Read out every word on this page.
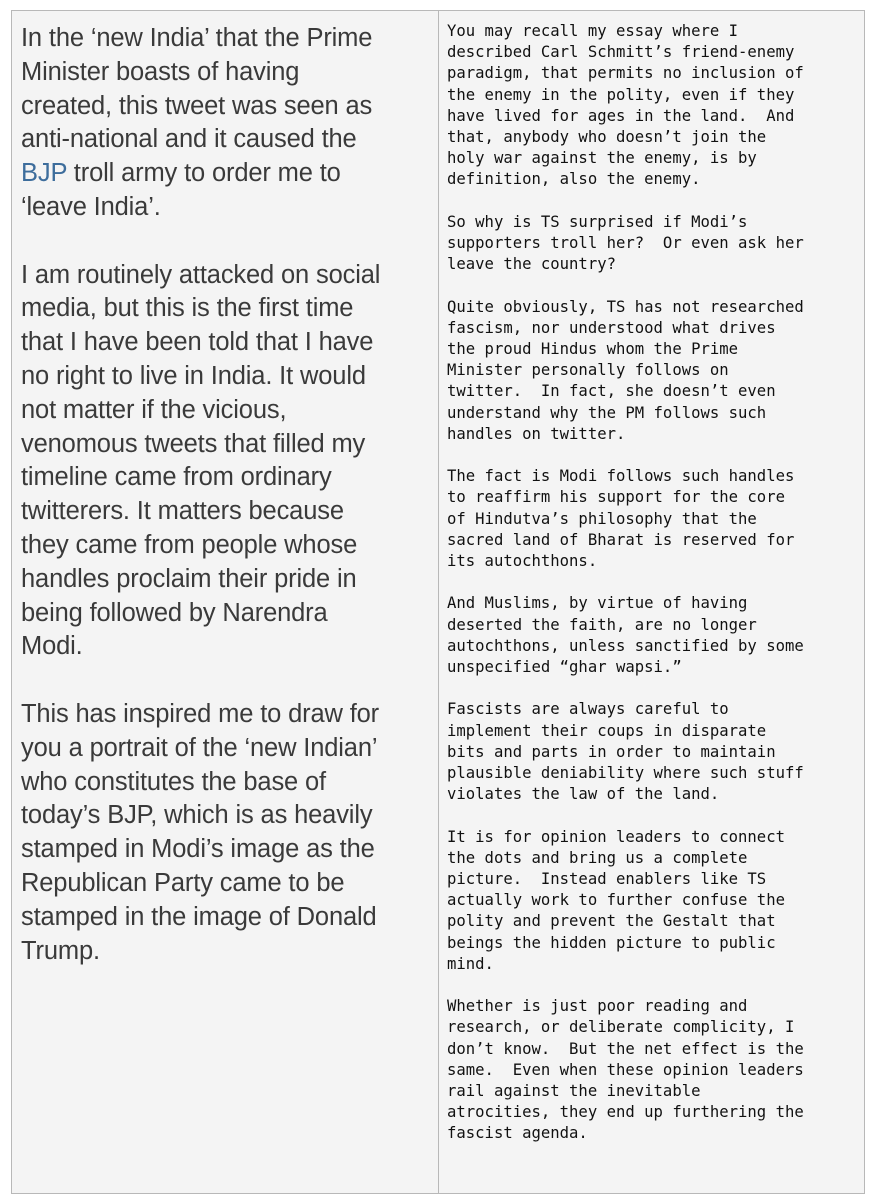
In the ‘new India’ that the Prime
Minister boasts of having
created, this tweet was seen as
anti-national and it caused the
BJP troll army to order me to
‘leave India’.

I am routinely attacked on social
media, but this is the first time
that I have been told that I have
no right to live in India. It would
not matter if the vicious,
venomous tweets that filled my
timeline came from ordinary
twitterers. It matters because
they came from people whose
handles proclaim their pride in
being followed by Narendra
Modi.

This has inspired me to draw for
you a portrait of the ‘new Indian’
who constitutes the base of
today’s BJP, which is as heavily
stamped in Modi’s image as the
Republican Party came to be
stamped in the image of Donald
Trump.

You may recall my essay where I
described Carl Schmitt’s friend-enemy
paradigm, that permits no inclusion of
the enemy in the polity, even if they
have lived for ages in the land.  And
that, anybody who doesn’t join the
holy war against the enemy, is by
definition, also the enemy.

So why is TS surprised if Modi’s
supporters troll her?  Or even ask her
leave the country?

Quite obviously, TS has not researched
fascism, nor understood what drives
the proud Hindus whom the Prime
Minister personally follows on
twitter.  In fact, she doesn’t even
understand why the PM follows such
handles on twitter.

The fact is Modi follows such handles
to reaffirm his support for the core
of Hindutva’s philosophy that the
sacred land of Bharat is reserved for
its autochthons.

And Muslims, by virtue of having
deserted the faith, are no longer
autochthons, unless sanctified by some
unspecified “ghar wapsi.”

Fascists are always careful to
implement their coups in disparate
bits and parts in order to maintain
plausible deniability where such stuff
violates the law of the land.

It is for opinion leaders to connect
the dots and bring us a complete
picture.  Instead enablers like TS
actually work to further confuse the
polity and prevent the Gestalt that
beings the hidden picture to public
mind.

Whether is just poor reading and
research, or deliberate complicity, I
don’t know.  But the net effect is the
same.  Even when these opinion leaders
rail against the inevitable
atrocities, they end up furthering the
fascist agenda.
